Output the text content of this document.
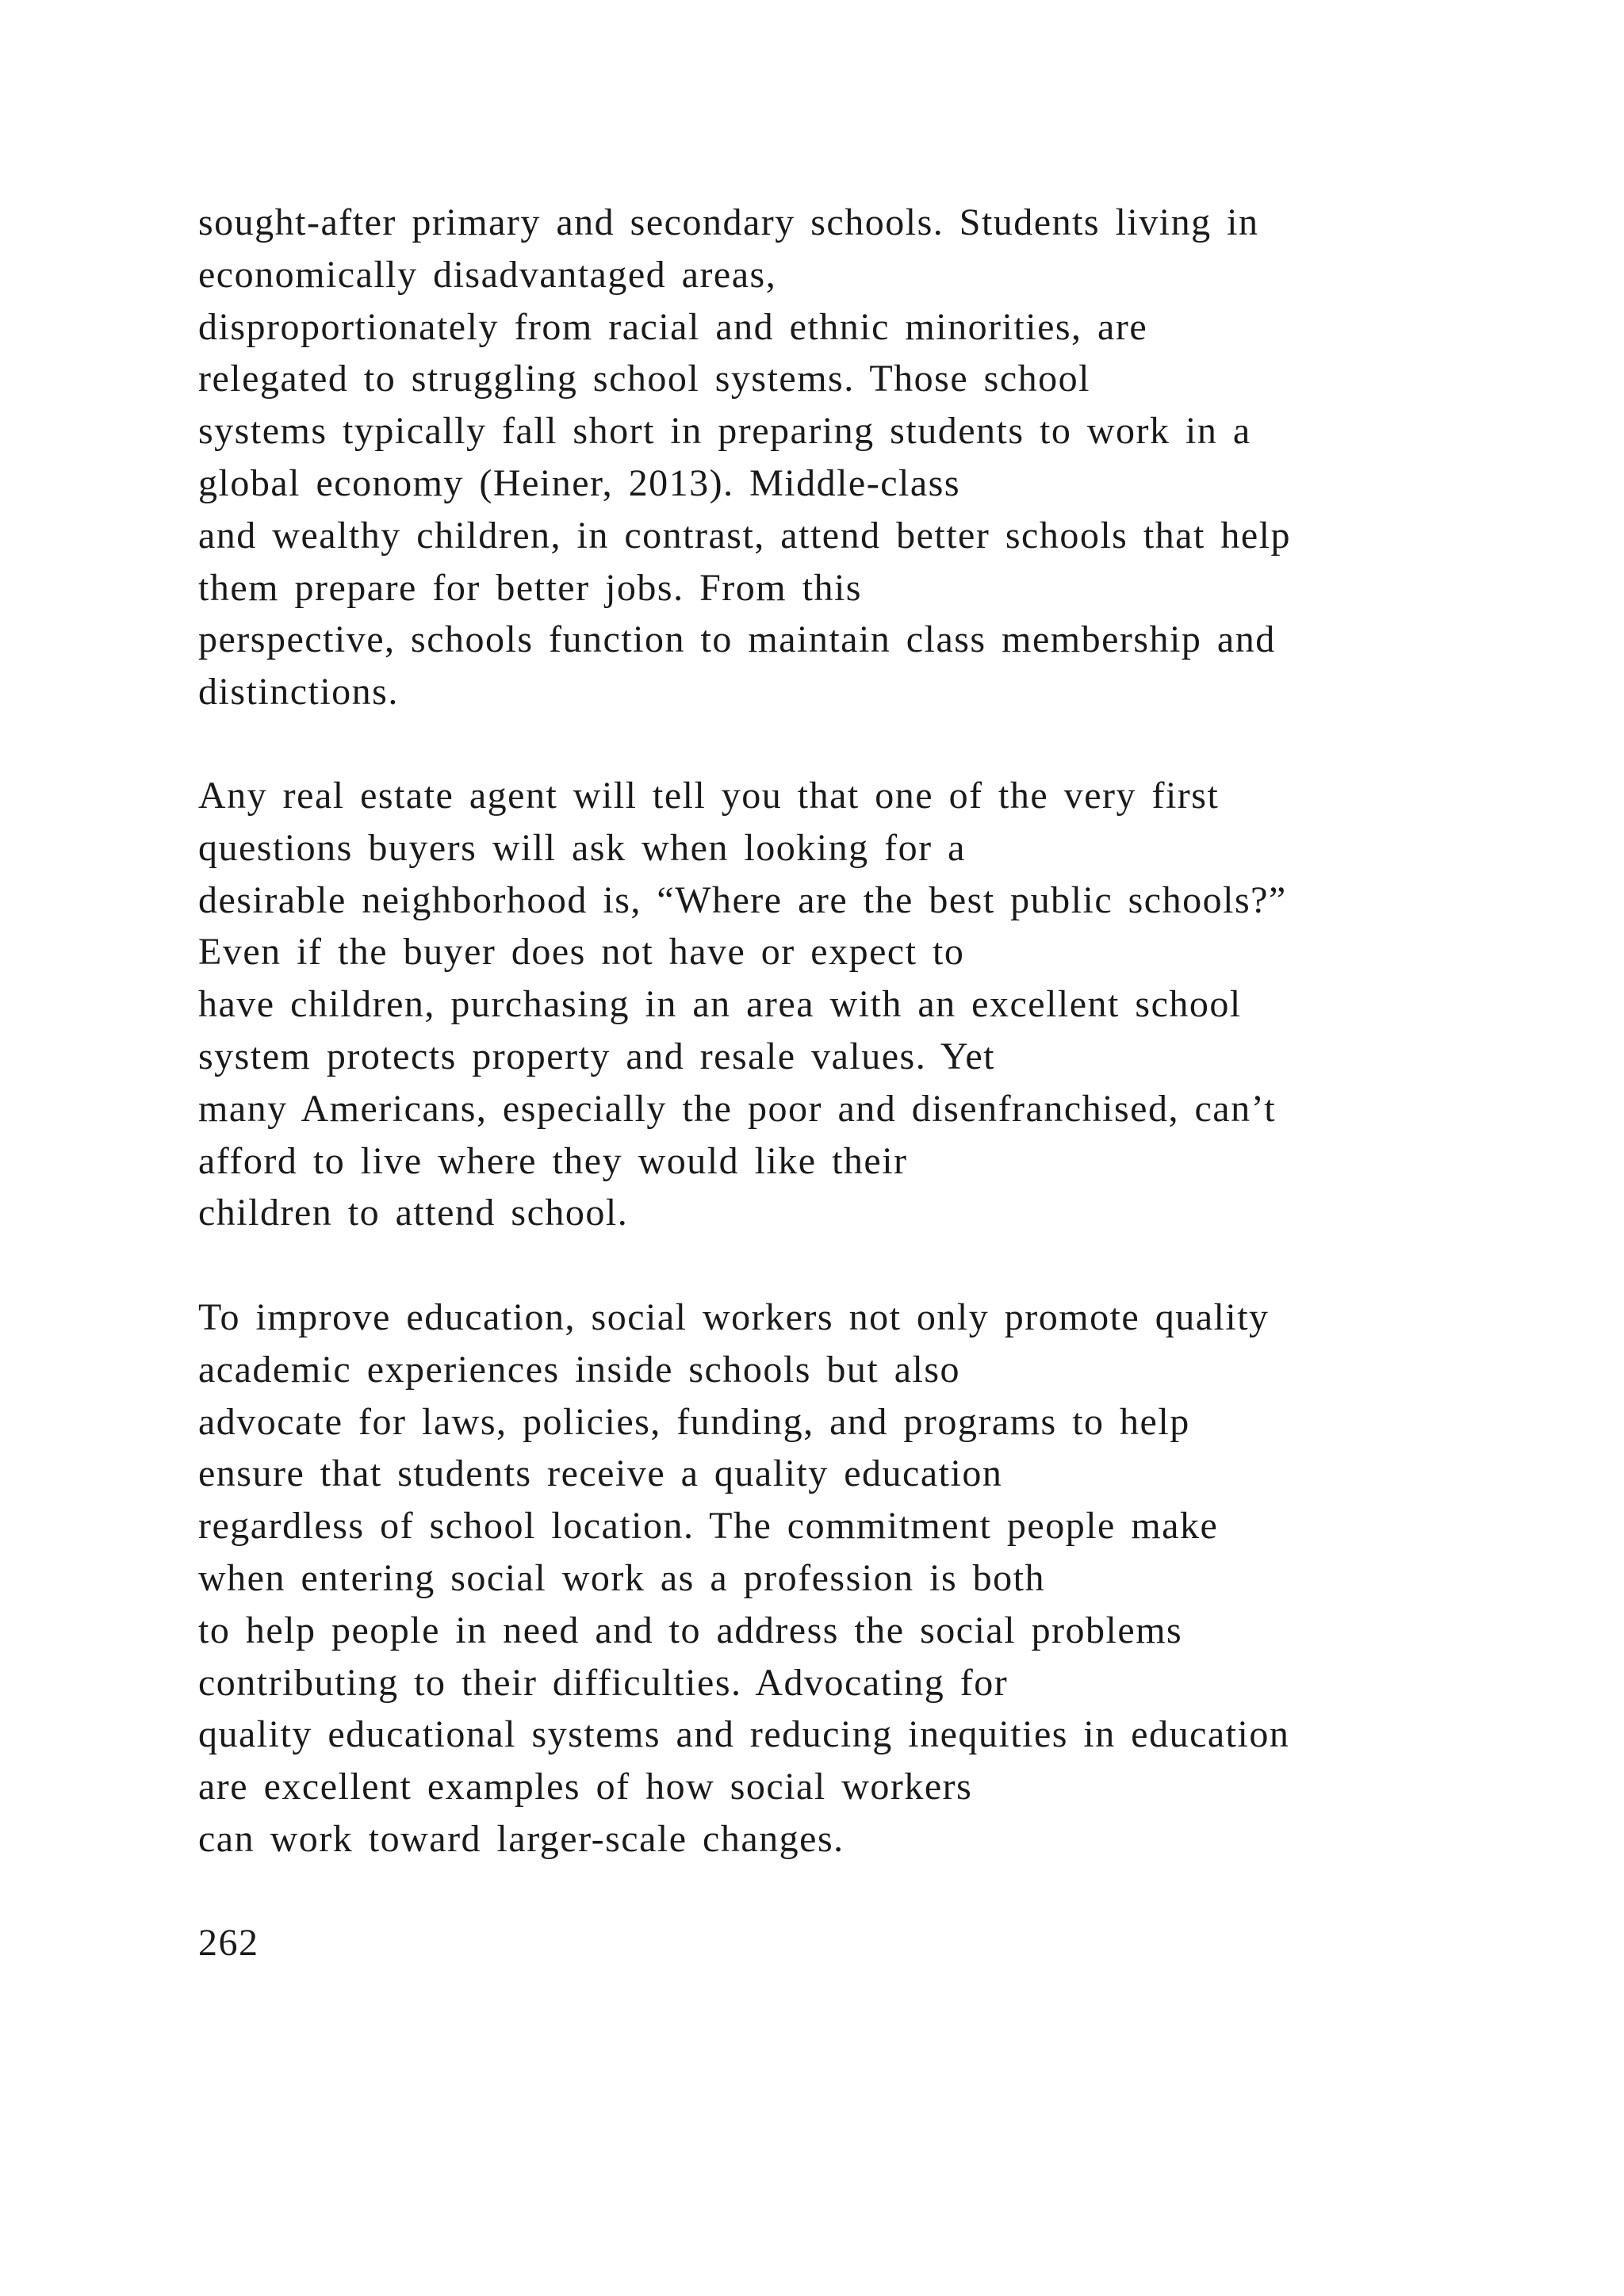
sought-after primary and secondary schools. Students living in
economically disadvantaged areas,
disproportionately from racial and ethnic minorities, are
relegated to struggling school systems. Those school
systems typically fall short in preparing students to work in a
global economy (Heiner, 2013). Middle-class
and wealthy children, in contrast, attend better schools that help
them prepare for better jobs. From this
perspective, schools function to maintain class membership and
distinctions.
Any real estate agent will tell you that one of the very first
questions buyers will ask when looking for a
desirable neighborhood is, “Where are the best public schools?”
Even if the buyer does not have or expect to
have children, purchasing in an area with an excellent school
system protects property and resale values. Yet
many Americans, especially the poor and disenfranchised, can’t
afford to live where they would like their
children to attend school.
To improve education, social workers not only promote quality
academic experiences inside schools but also
advocate for laws, policies, funding, and programs to help
ensure that students receive a quality education
regardless of school location. The commitment people make
when entering social work as a profession is both
to help people in need and to address the social problems
contributing to their difficulties. Advocating for
quality educational systems and reducing inequities in education
are excellent examples of how social workers
can work toward larger-scale changes.
262
